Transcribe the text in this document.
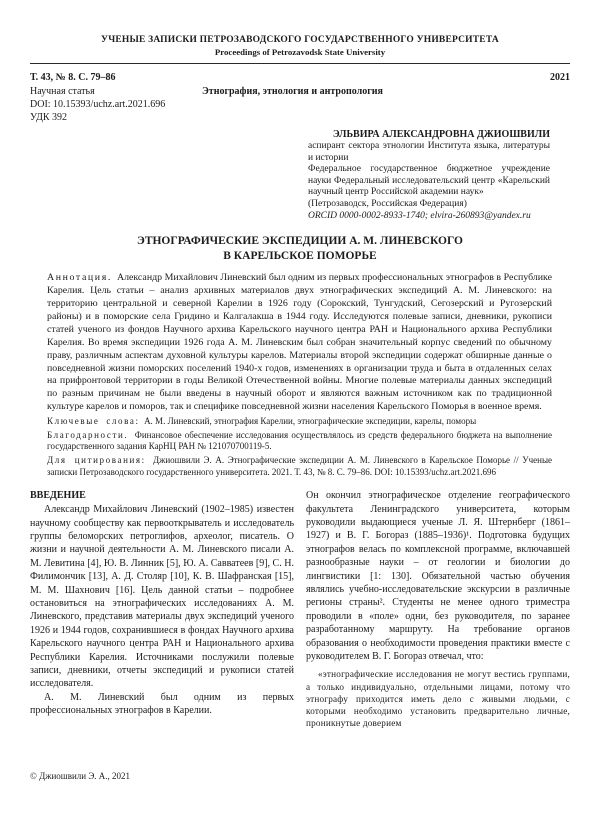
УЧЕНЫЕ ЗАПИСКИ ПЕТРОЗАВОДСКОГО ГОСУДАРСТВЕННОГО УНИВЕРСИТЕТА
Proceedings of Petrozavodsk State University
Т. 43, № 8. С. 79–86	2021
Научная статья	Этнография, этнология и антропология
DOI: 10.15393/uchz.art.2021.696
УДК 392
ЭЛЬВИРА АЛЕКСАНДРОВНА ДЖИОШВИЛИ
аспирант сектора этнологии Института языка, литературы и истории
Федеральное государственное бюджетное учреждение науки Федеральный исследовательский центр «Карельский научный центр Российской академии наук»
(Петрозаводск, Российская Федерация)
ORCID 0000-0002-8933-1740; elvira-260893@yandex.ru
ЭТНОГРАФИЧЕСКИЕ ЭКСПЕДИЦИИ А. М. ЛИНЕВСКОГО
В КАРЕЛЬСКОЕ ПОМОРЬЕ

Аннотация. Александр Михайлович Линевский был одним из первых профессиональных этнографов в Республике Карелия. Цель статьи – анализ архивных материалов двух этнографических экспедиций А. М. Линевского: на территорию центральной и северной Карелии в 1926 году (Сорокский, Тунгудский, Сегозерский и Ругозерский районы) и в поморские села Гридино и Калгалакша в 1944 году. Исследуются полевые записи, дневники, рукописи статей ученого из фондов Научного архива Карельского научного центра РАН и Национального архива Республики Карелия. Во время экспедиции 1926 года А. М. Линевским был собран значительный корпус сведений по обычному праву, различным аспектам духовной культуры карелов. Материалы второй экспедиции содержат обширные данные о повседневной жизни поморских поселений 1940-х годов, изменениях в организации труда и быта в отдаленных селах на прифронтовой территории в годы Великой Отечественной войны. Многие полевые материалы данных экспедиций по разным причинам не были введены в научный оборот и являются важным источником как по традиционной культуре карелов и поморов, так и специфике повседневной жизни населения Карельского Поморья в военное время.

Ключевые слова: А. М. Линевский, этнография Карелии, этнографические экспедиции, карелы, поморы

Благодарности. Финансовое обеспечение исследования осуществлялось из средств федерального бюджета на выполнение государственного задания КарНЦ РАН № 121070700119-5.

Для цитирования: Джиошвили Э. А. Этнографические экспедиции А. М. Линевского в Карельское Поморье // Ученые записки Петрозаводского государственного университета. 2021. Т. 43, № 8. С. 79–86. DOI: 10.15393/uchz.art.2021.696

ВВЕДЕНИЕ

Александр Михайлович Линевский (1902–1985) известен научному сообществу как первооткрыватель и исследователь группы беломорских петроглифов, археолог, писатель. О жизни и научной деятельности А. М. Линевского писали А. М. Левитина [4], Ю. В. Линник [5], Ю. А. Савватеев [9], С. Н. Филимончик [13], А. Д. Столяр [10], К. В. Шафранская [15], М. М. Шахнович [16]. Цель данной статьи – подробнее остановиться на этнографических исследованиях А. М. Линевского, представив материалы двух экспедиций ученого 1926 и 1944 годов, сохранившиеся в фондах Научного архива Карельского научного центра РАН и Национального архива Республики Карелия. Источниками послужили полевые записи, дневники, отчеты экспедиций и рукописи статей исследователя.

А. М. Линевский был одним из первых профессиональных этнографов в Карелии.

Он окончил этнографическое отделение географического факультета Ленинградского университета, которым руководили выдающиеся ученые Л. Я. Штернберг (1861–1927) и В. Г. Богораз (1885–1936)¹. Подготовка будущих этнографов велась по комплексной программе, включавшей разнообразные науки – от геологии и биологии до лингвистики [1: 130]. Обязательной частью обучения являлись учебно-исследовательские экскурсии в различные регионы страны². Студенты не менее одного триместра проводили в «поле» одни, без руководителя, по заранее разработанному маршруту. На требование органов образования о необходимости проведения практики вместе с руководителем В. Г. Богораз отвечал, что:

«этнографические исследования не могут вестись группами, а только индивидуально, отдельными лицами, потому что этнографу приходится иметь дело с живыми людьми, с которыми необходимо установить предварительно личные, проникнутые доверием

© Джиошвили Э. А., 2021
